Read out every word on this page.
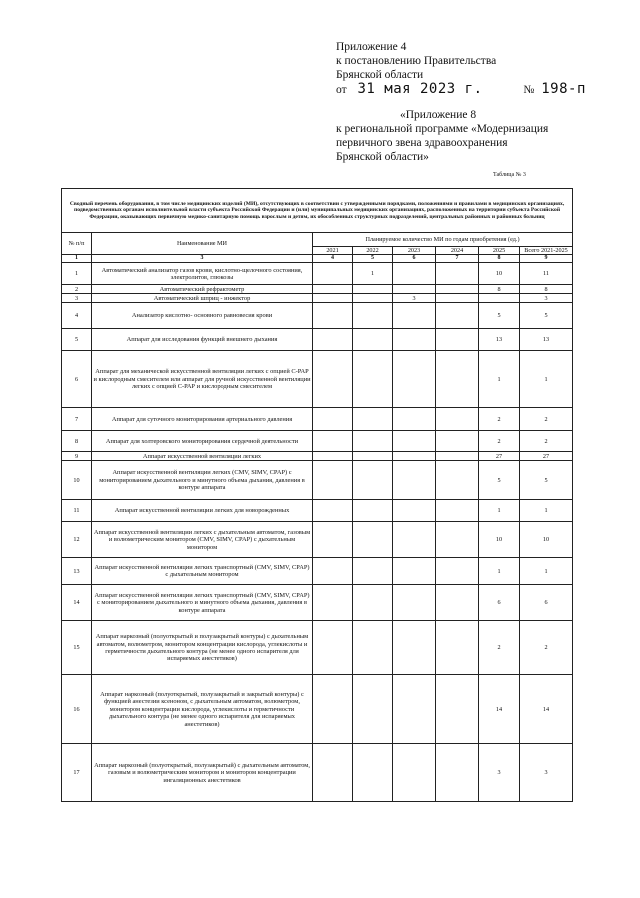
Приложение 4
к постановлению Правительства
Брянской области
от 31 мая 2023 г.	№ 198-п
«Приложение 8
к региональной программе «Модернизация
первичного звена здравоохранения
Брянской области»
Таблица № 3
Сводный перечень оборудования, в том числе медицинских изделий (МИ), отсутствующих в соответствии с утвержденными порядками, положениями и правилами в медицинских организациях, подведомственных органам исполнительной власти субъекта Российской Федерации и (или) муниципальных медицинских организациях, расположенных на территории субъекта Российской Федерации, оказывающих первичную медико-санитарную помощь взрослым и детям, их обособленных структурных подразделений, центральных районных и районных больниц							
№ п/п	Наименование МИ	Планируемое количество МИ по годам приобретения (ед.)					
		2021	2022	2023	2024	2025	Всего 2021-2025
1	3	4	5	6	7	8	9
1	Автоматический анализатор газов крови, кислотно-щелочного состояния, электролитов, глюкозы		1			10	11
2	Автоматический рефрактометр					8	8
3	Автоматический шприц - инжектор			3			3
4	Анализатор кислотно- основного равновесия крови					5	5
5	Аппарат для исследования функций внешнего дыхания					13	13
6	Аппарат для механической искусственной вентиляции легких с опцией С-РАР и кислородным смесителем или аппарат для ручной искусственной вентиляции легких с опцией С-РАР и кислородным смесителем					1	1
7	Аппарат для суточного мониторирования артериального давления					2	2
8	Аппарат для холтеровского мониторирования сердечной деятельности					2	2
9	Аппарат искусственной вентиляции легких					27	27
10	Аппарат искусственной вентиляции легких (CMV, SIMV, CPAP) с мониторированием дыхательного и минутного объема дыхания, давления в контуре аппарата					5	5
11	Аппарат искусственной вентиляции легких для новорожденных					1	1
12	Аппарат искусственной вентиляции легких с дыхательным автоматом, газовым и волюметрическим монитором (CMV, SIMV, CPAP) с дыхательным монитором					10	10
13	Аппарат искусственной вентиляции легких транспортный (CMV, SIMV, CPAP) с дыхательным монитором					1	1
14	Аппарат искусственной вентиляции легких транспортный (CMV, SIMV, CPAP) с мониторированием дыхательного и минутного объема дыхания, давления в контуре аппарата					6	6
15	Аппарат наркозный (полуоткрытый и полузакрытый контуры) с дыхательным автоматом, волюметром, монитором концентрации кислорода, углекислоты и герметичности дыхательного контура (не менее одного испарителя для испаряемых анестетиков)					2	2
16	Аппарат наркозный (полуоткрытый, полузакрытый и закрытый контуры) с функцией анестезии ксеноном, с дыхательным автоматом, волюметром, монитором концентрации кислорода, углекислоты и герметичности дыхательного контура (не менее одного испарителя для испаряемых анестетиков)					14	14
17	Аппарат наркозный (полуоткрытый, полузакрытый) с дыхательным автоматом, газовым и волюметрическим монитором и монитором концентрации ингаляционных анестетиков					3	3
